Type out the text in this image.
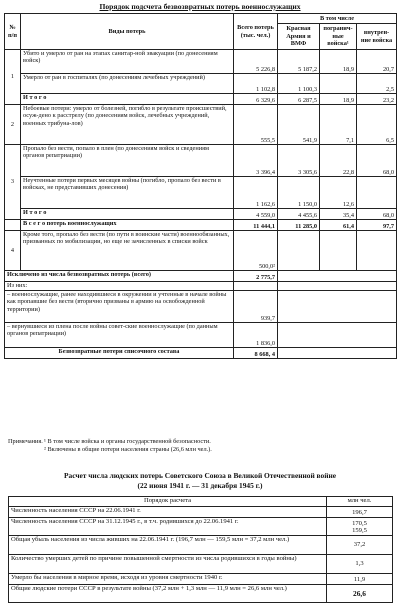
Порядок подсчета безвозвратных потерь военнослужащих
№ п/п	Виды потерь	Всего потерь (тыс. чел.)	В том числе		
			Красная Армия и ВМФ	погранич-ные войска¹	внутрен-ние войска
1	Убито и умерло от ран на этапах санитар-ной эвакуации (по донесениям войск)	5 226,8	5 187,2	18,9	20,7
	Умерло от ран в госпиталях (по донесениям лечебных учреждений)	1 102,8	1 100,3		2,5
	И т о г о	6 329,6	6 287,5	18,9	23,2
2	Небоевые потери: умерло от болезней, погибло в результате происшествий, осуж-дено к расстрелу (по донесениям войск, лечебных учреждений, военных трибуна-лов)	555,5	541,9	7,1	6,5
3	Пропало без вести, попало в плен (по донесениям войск и сведениям органов репатриации)	3 396,4	3 305,6	22,8	68,0
	Неучтенные потери первых месяцев войны (погибло, пропало без вести в войсках, не представивших донесения)	1 162,6	1 150,0	12,6	
	И т о г о	4 559,0	4 455,6	35,4	68,0
	В с е г о потерь военнослужащих	11 444,1	11 285,0	61,4	97,7
4	Кроме того, пропало без вести (по пути в воинские части) военнообязанных, призванных по мобилизации, но еще не зачисленных в списки войск	500,0²			
Исключено из числа безвозвратных потерь (всего)		2 775,7			
Из них:					
– военнослужащие, ранее находившиеся в окружении и учтенные в начале войны как пропавшие без вести (вторично призваны в армию на освобожденной территории)		939,7			
– вернувшиеся из плена после войны совет-ские военнослужащие (по данным органов репатриации)		1 836,0			
Безвозвратные потери списочного состава		8 668, 4			
Примечания.¹ В том числе войска и органы государственной безопасности.
² Включены в общие потери населения страны (26,6 млн чел.).
Расчет числа людских потерь Советского Союза в Великой Отечественной войне
(22 июня 1941 г. — 31 декабря 1945 г.)
Порядок расчета	млн чел.
Численность населения СССР на 22.06.1941 г.	196,7
Численность населения СССР на 31.12.1945 г., в т.ч. родившихся до 22.06.1941 г.	170,5
159,5
Общая убыль населения из числа живших на 22.06.1941 г. (196,7 млн — 159,5 млн = 37,2 млн чел.)	37,2
Количество умерших детей по причине повышенной смертности из числа родившихся в годы войны)	1,3
Умерло бы населения в мирное время, исходя из уровня смертности 1940 г.	11,9
Общие людские потери СССР в результате войны (37,2 млн + 1,3 млн — 11,9 млн = 26,6 млн чел.)	26,6
